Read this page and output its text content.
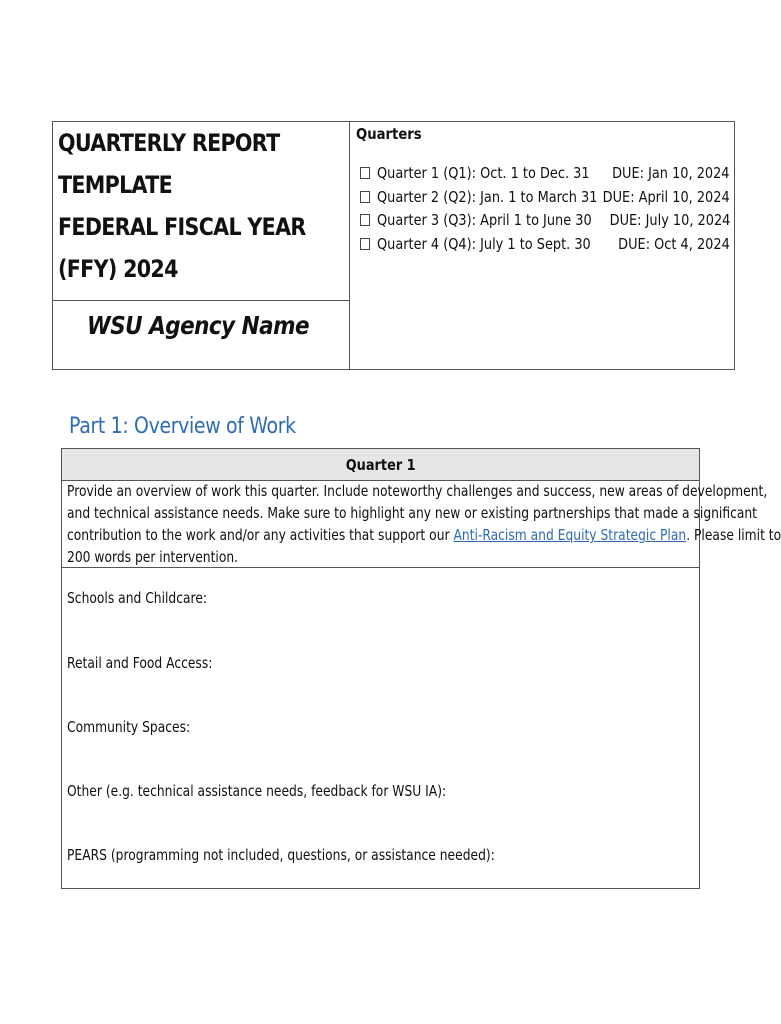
QUARTERLY REPORT
TEMPLATE
FEDERAL FISCAL YEAR
(FFY) 2024
WSU Agency Name
Quarters
Quarter 1 (Q1): Oct. 1 to Dec. 31 DUE: Jan 10, 2024
Quarter 2 (Q2): Jan. 1 to March 31 DUE: April 10, 2024
Quarter 3 (Q3): April 1 to June 30 DUE: July 10, 2024
Quarter 4 (Q4): July 1 to Sept. 30 DUE: Oct 4, 2024
Part 1: Overview of Work
Quarter 1
Provide an overview of work this quarter. Include noteworthy challenges and success, new areas of development,
and technical assistance needs. Make sure to highlight any new or existing partnerships that made a significant
contribution to the work and/or any activities that support our Anti-Racism and Equity Strategic Plan. Please limit to
200 words per intervention.
Schools and Childcare:
Retail and Food Access:
Community Spaces:
Other (e.g. technical assistance needs, feedback for WSU IA):
PEARS (programming not included, questions, or assistance needed):
